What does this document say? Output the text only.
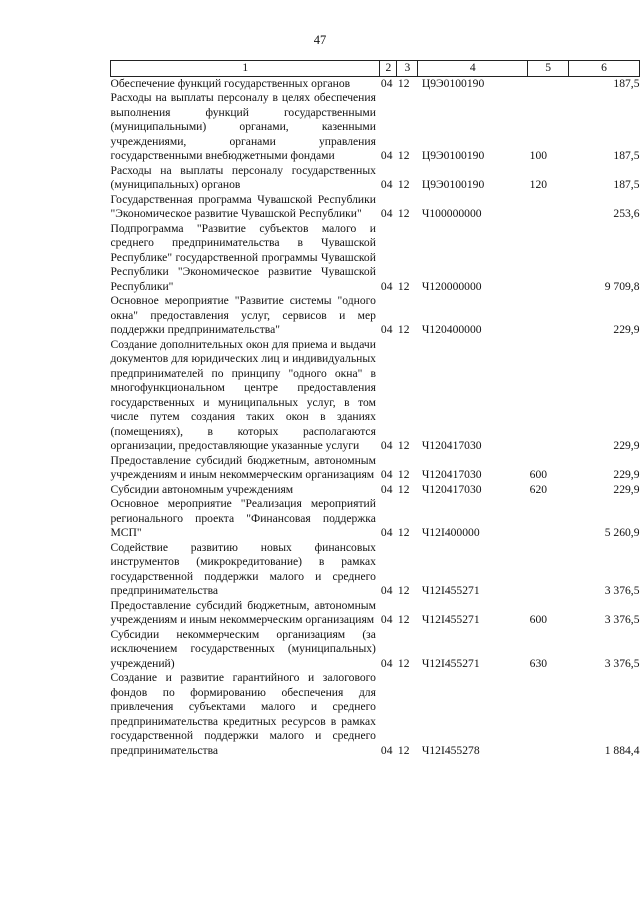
47
1	2	3	4	5	6
Обеспечение функций государственных органов	04	12	Ц9Э0100190		187,5
Расходы на выплаты персоналу в целях обеспечения выполнения функций государственными (муниципальными) органами, казенными учреждениями, органами управления государственными внебюджетными фондами	04	12	Ц9Э0100190	100	187,5
Расходы на выплаты персоналу государственных (муниципальных) органов	04	12	Ц9Э0100190	120	187,5
Государственная программа Чувашской Республики "Экономическое развитие Чувашской Республики"	04	12	Ч100000000		253,6
Подпрограмма "Развитие субъектов малого и среднего предпринимательства в Чувашской Республике" государственной программы Чувашской Республики "Экономическое развитие Чувашской Республики"	04	12	Ч120000000		9 709,8
Основное мероприятие "Развитие системы "одного окна" предоставления услуг, сервисов и мер поддержки предпринимательства"	04	12	Ч120400000		229,9
Создание дополнительных окон для приема и выдачи документов для юридических лиц и индивидуальных предпринимателей по принципу "одного окна" в многофункциональном центре предоставления государственных и муниципальных услуг, в том числе путем создания таких окон в зданиях (помещениях), в которых располагаются организации, предоставляющие указанные услуги	04	12	Ч120417030		229,9
Предоставление субсидий бюджетным, автономным учреждениям и иным некоммерческим организациям	04	12	Ч120417030	600	229,9
Субсидии автономным учреждениям	04	12	Ч120417030	620	229,9
Основное мероприятие "Реализация мероприятий регионального проекта "Финансовая поддержка МСП"	04	12	Ч12I400000		5 260,9
Содействие развитию новых финансовых инструментов (микрокредитование) в рамках государственной поддержки малого и среднего предпринимательства	04	12	Ч12I455271		3 376,5
Предоставление субсидий бюджетным, автономным учреждениям и иным некоммерческим организациям	04	12	Ч12I455271	600	3 376,5
Субсидии некоммерческим организациям (за исключением государственных (муниципальных) учреждений)	04	12	Ч12I455271	630	3 376,5
Создание и развитие гарантийного и залогового фондов по формированию обеспечения для привлечения субъектами малого и среднего предпринимательства кредитных ресурсов в рамках государственной поддержки малого и среднего предпринимательства	04	12	Ч12I455278		1 884,4
